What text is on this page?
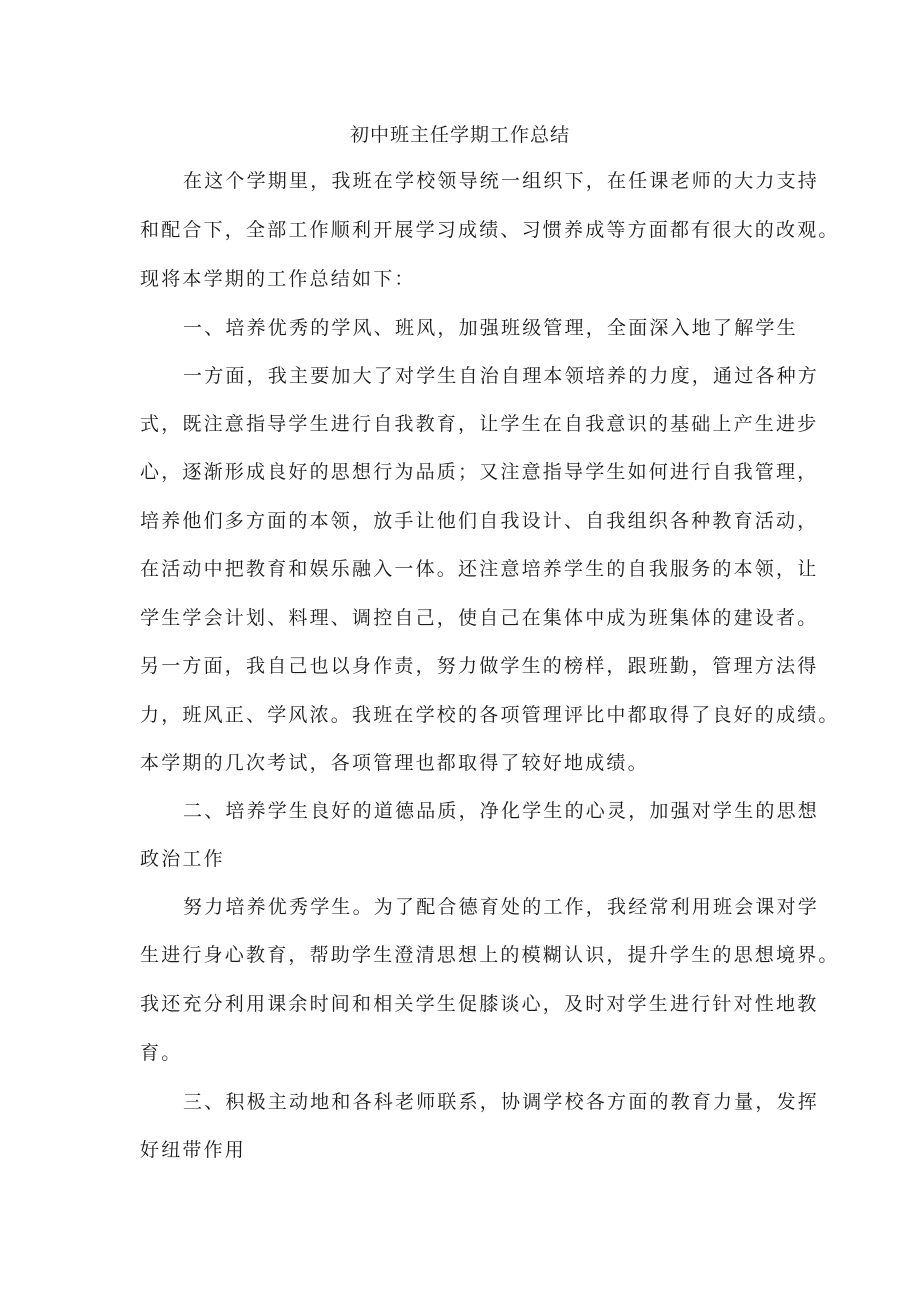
初中班主任学期工作总结
在这个学期里，我班在学校领导统一组织下，在任课老师的大力支持
和配合下，全部工作顺利开展学习成绩、习惯养成等方面都有很大的改观。
现将本学期的工作总结如下：
一、培养优秀的学风、班风，加强班级管理，全面深入地了解学生
一方面，我主要加大了对学生自治自理本领培养的力度，通过各种方
式，既注意指导学生进行自我教育，让学生在自我意识的基础上产生进步
心，逐渐形成良好的思想行为品质；又注意指导学生如何进行自我管理，
培养他们多方面的本领，放手让他们自我设计、自我组织各种教育活动，
在活动中把教育和娱乐融入一体。还注意培养学生的自我服务的本领，让
学生学会计划、料理、调控自己，使自己在集体中成为班集体的建设者。
另一方面，我自己也以身作责，努力做学生的榜样，跟班勤，管理方法得
力，班风正、学风浓。我班在学校的各项管理评比中都取得了良好的成绩。
本学期的几次考试，各项管理也都取得了较好地成绩。
二、培养学生良好的道德品质，净化学生的心灵，加强对学生的思想
政治工作
努力培养优秀学生。为了配合德育处的工作，我经常利用班会课对学
生进行身心教育，帮助学生澄清思想上的模糊认识，提升学生的思想境界。
我还充分利用课余时间和相关学生促膝谈心，及时对学生进行针对性地教
育。
三、积极主动地和各科老师联系，协调学校各方面的教育力量，发挥
好纽带作用
